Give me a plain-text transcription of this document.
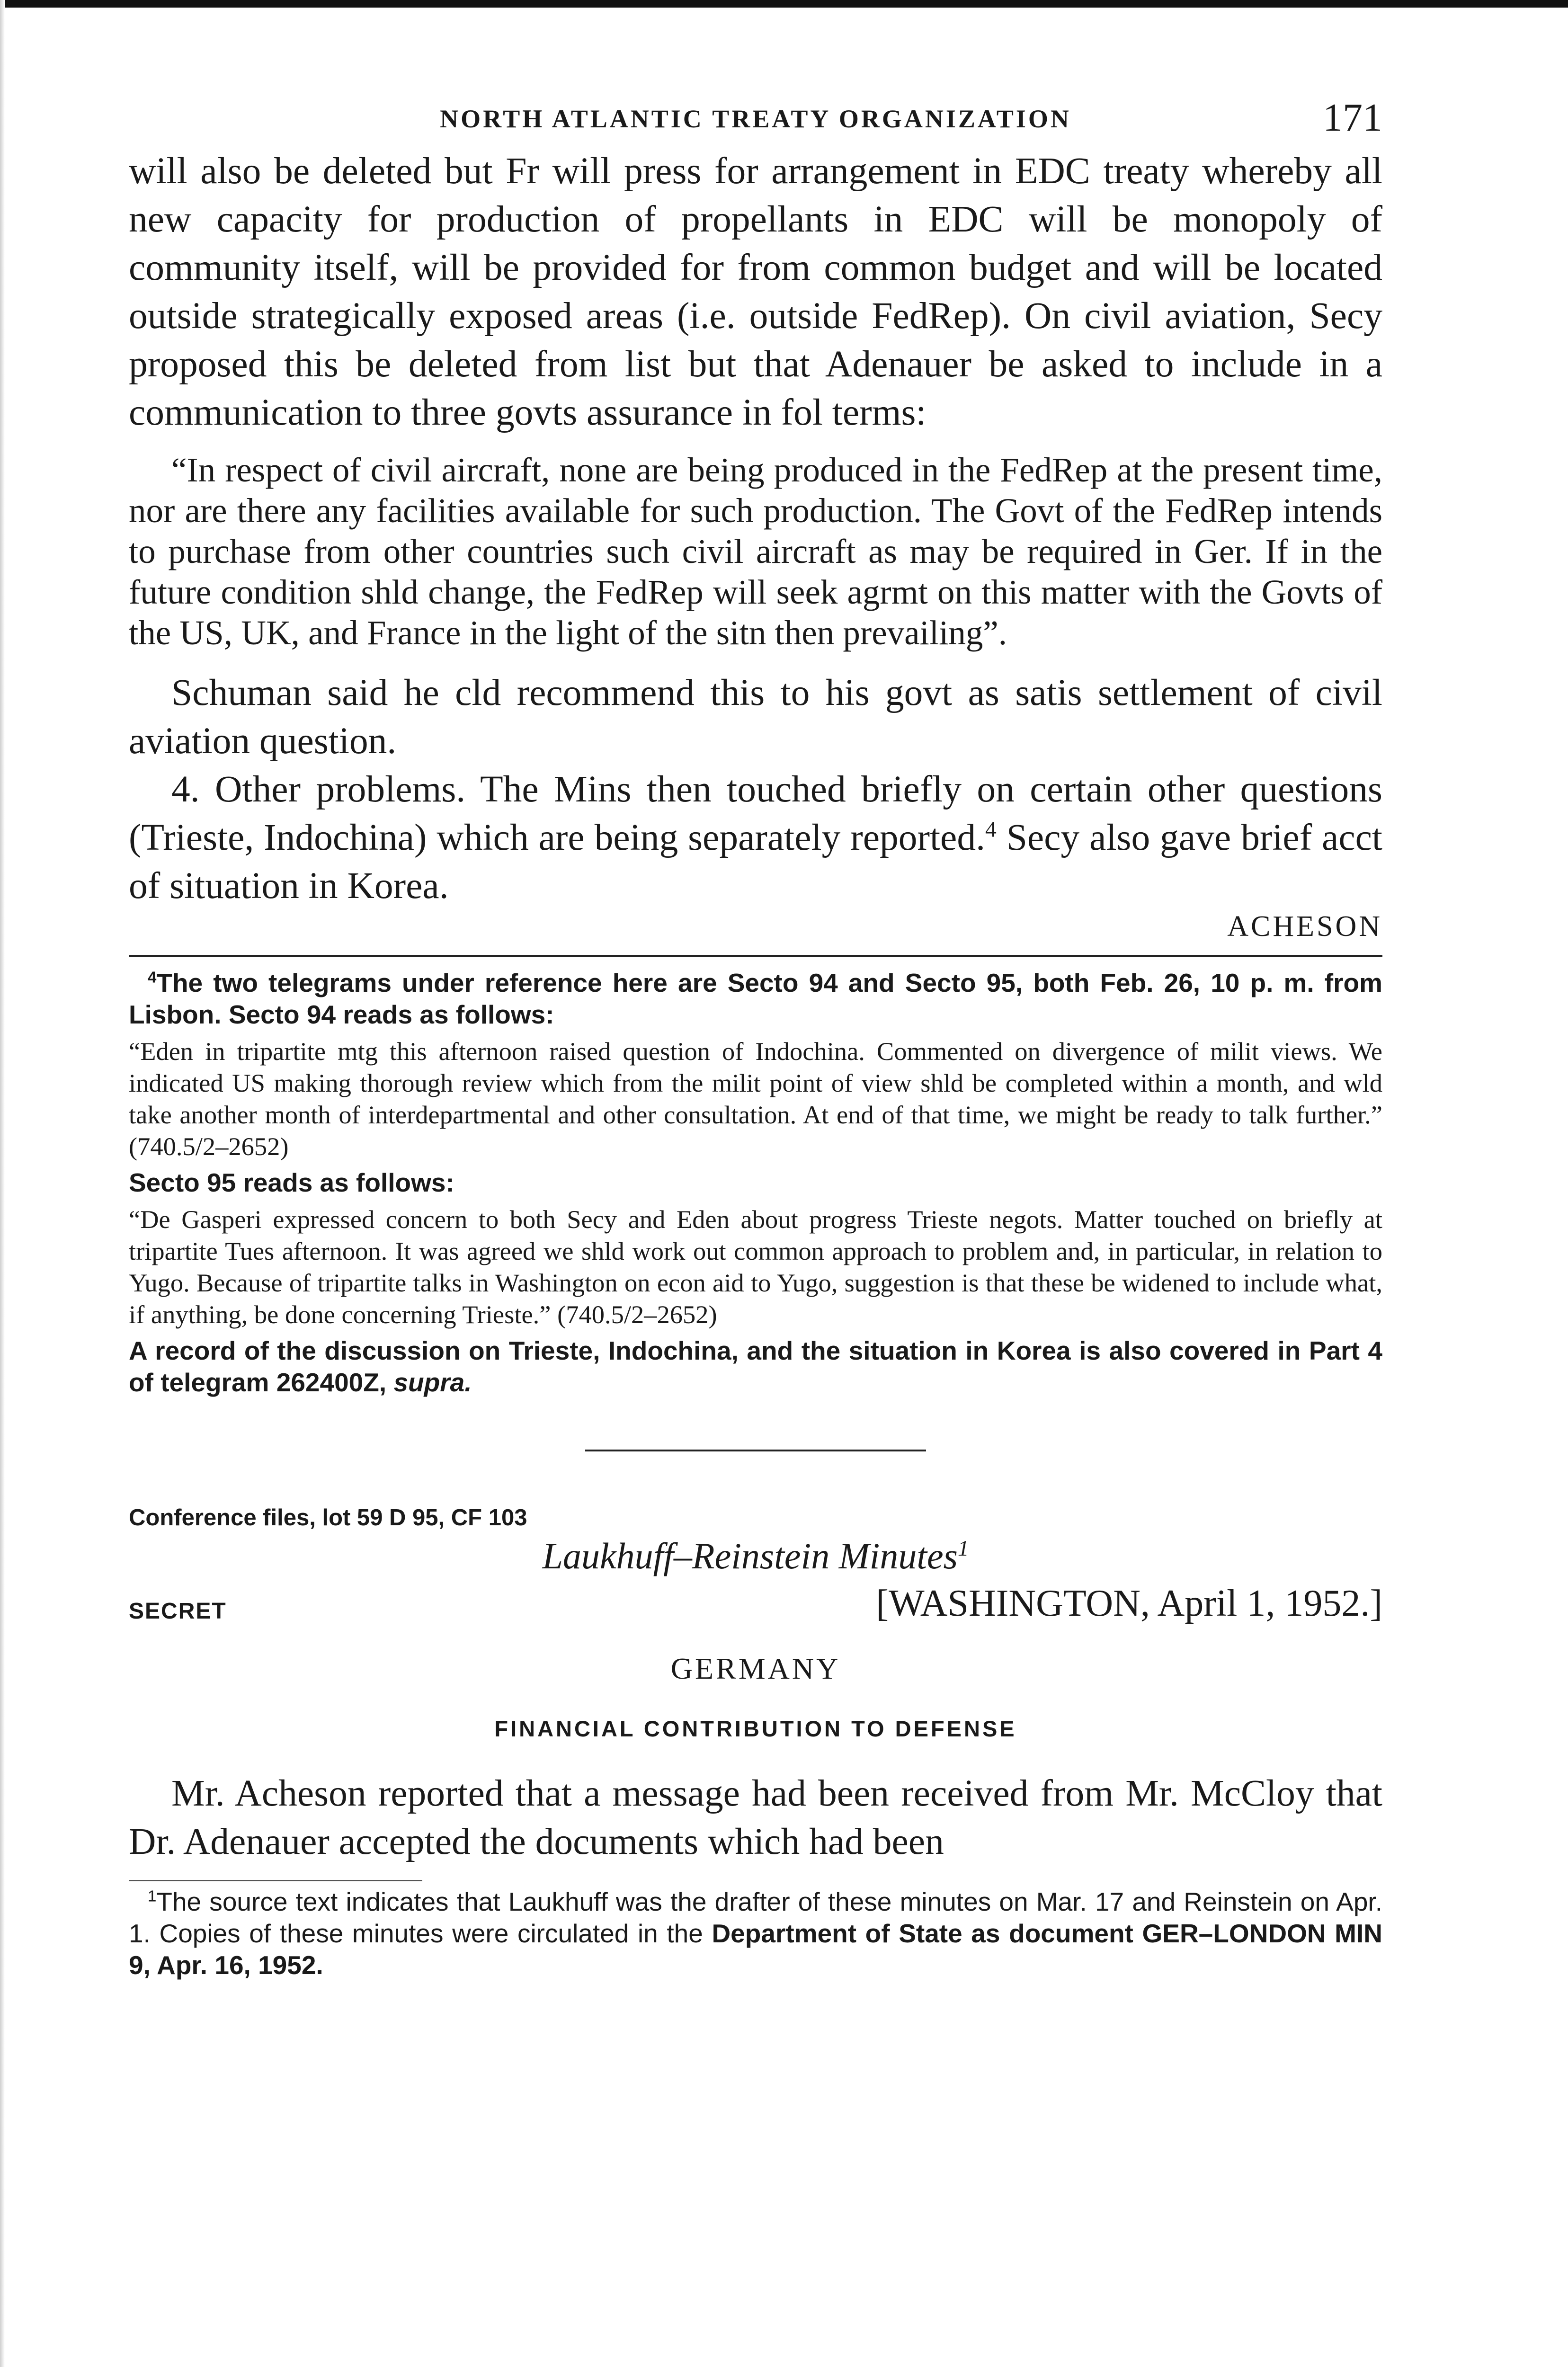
NORTH ATLANTIC TREATY ORGANIZATION	171

will also be deleted but Fr will press for arrangement in EDC treaty whereby all new capacity for production of propellants in EDC will be monopoly of community itself, will be provided for from common budget and will be located outside strategically exposed areas (i.e. outside FedRep). On civil aviation, Secy proposed this be deleted from list but that Adenauer be asked to include in a communication to three govts assurance in fol terms:

“In respect of civil aircraft, none are being produced in the FedRep at the present time, nor are there any facilities available for such production. The Govt of the FedRep intends to purchase from other countries such civil aircraft as may be required in Ger. If in the future condition shld change, the FedRep will seek agrmt on this matter with the Govts of the US, UK, and France in the light of the sitn then prevailing”.

Schuman said he cld recommend this to his govt as satis settlement of civil aviation question.

4. Other problems. The Mins then touched briefly on certain other questions (Trieste, Indochina) which are being separately reported.$^4$ Secy also gave brief acct of situation in Korea.

ACHESON

$^4$The two telegrams under reference here are Secto 94 and Secto 95, both Feb. 26, 10 p. m. from Lisbon. Secto 94 reads as follows:

“Eden in tripartite mtg this afternoon raised question of Indochina. Commented on divergence of milit views. We indicated US making thorough review which from the milit point of view shld be completed within a month, and wld take another month of interdepartmental and other consultation. At end of that time, we might be ready to talk further.” (740.5/2–2652)

Secto 95 reads as follows:

“De Gasperi expressed concern to both Secy and Eden about progress Trieste negots. Matter touched on briefly at tripartite Tues afternoon. It was agreed we shld work out common approach to problem and, in particular, in relation to Yugo. Because of tripartite talks in Washington on econ aid to Yugo, suggestion is that these be widened to include what, if anything, be done concerning Trieste.” (740.5/2–2652)

A record of the discussion on Trieste, Indochina, and the situation in Korea is also covered in Part 4 of telegram 262400Z, supra.

Conference files, lot 59 D 95, CF 103

Laukhuff–Reinstein Minutes$^1$

SECRET	[WASHINGTON, April 1, 1952.]

GERMANY

FINANCIAL CONTRIBUTION TO DEFENSE

Mr. Acheson reported that a message had been received from Mr. McCloy that Dr. Adenauer accepted the documents which had been

$^1$The source text indicates that Laukhuff was the drafter of these minutes on Mar. 17 and Reinstein on Apr. 1. Copies of these minutes were circulated in the Department of State as document GER–LONDON MIN 9, Apr. 16, 1952.
